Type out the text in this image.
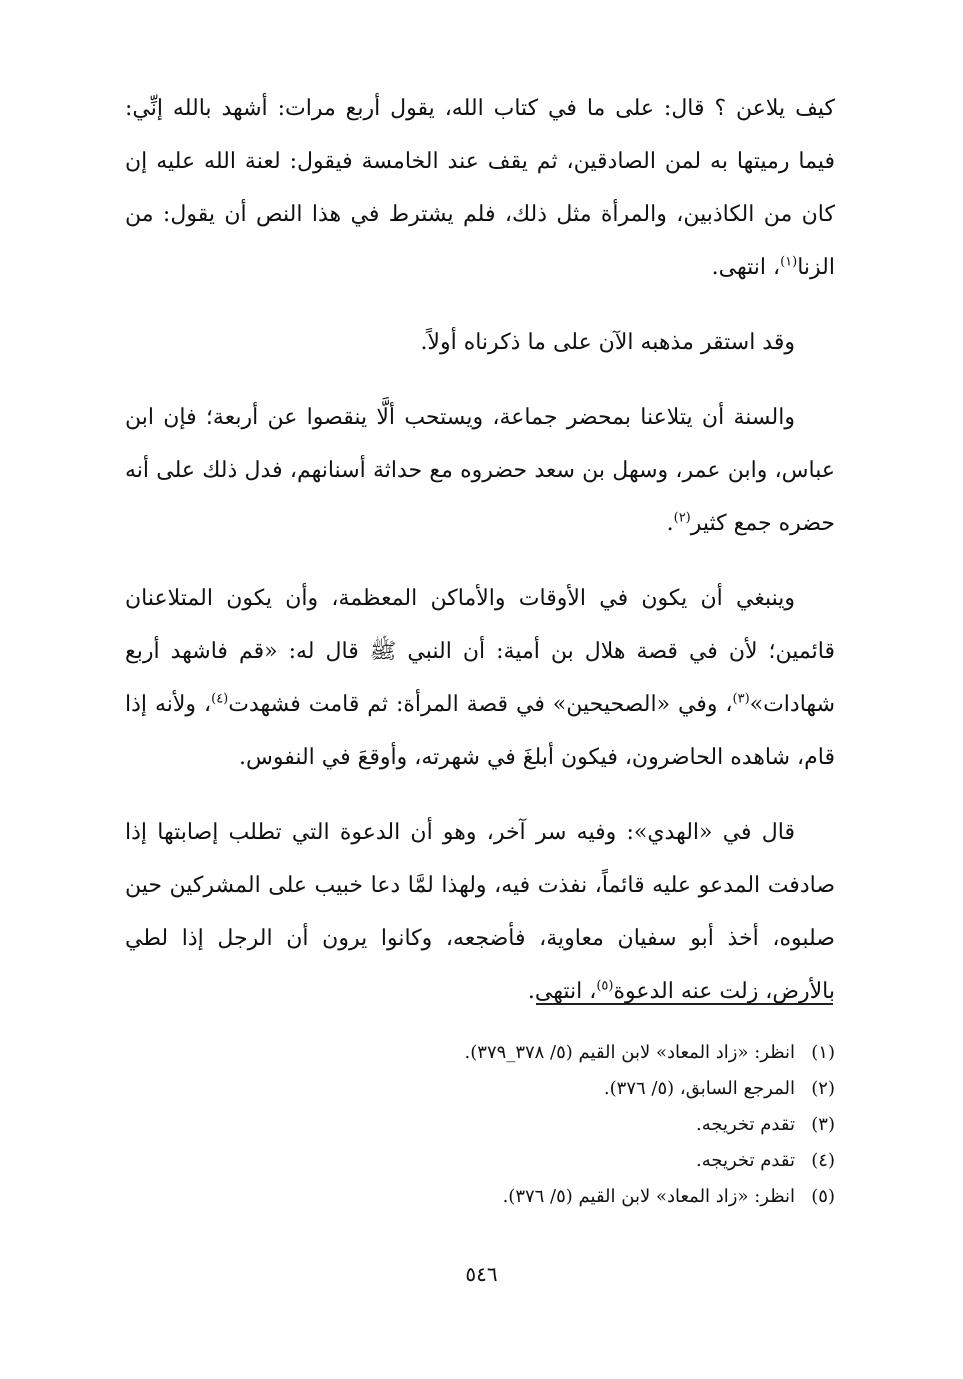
كيف يلاعن ؟ قال: على ما في كتاب الله، يقول أربع مرات: أشهد بالله إنِّي: فيما رميتها به لمن الصادقين، ثم يقف عند الخامسة فيقول: لعنة الله عليه إن كان من الكاذبين، والمرأة مثل ذلك، فلم يشترط في هذا النص أن يقول: من الزنا$^{(١)}$، انتهى.

وقد استقر مذهبه الآن على ما ذكرناه أولاً.

والسنة أن يتلاعنا بمحضر جماعة، ويستحب ألَّا ينقصوا عن أربعة؛ فإن ابن عباس، وابن عمر، وسهل بن سعد حضروه مع حداثة أسنانهم، فدل ذلك على أنه حضره جمع كثير$^{(٢)}$.

وينبغي أن يكون في الأوقات والأماكن المعظمة، وأن يكون المتلاعنان قائمين؛ لأن في قصة هلال بن أمية: أن النبي ﷺ قال له: «قم فاشهد أربع شهادات»$^{(٣)}$، وفي «الصحيحين» في قصة المرأة: ثم قامت فشهدت$^{(٤)}$، ولأنه إذا قام، شاهده الحاضرون، فيكون أبلغَ في شهرته، وأوقعَ في النفوس.

قال في «الهدي»: وفيه سر آخر، وهو أن الدعوة التي تطلب إصابتها إذا صادفت المدعو عليه قائماً، نفذت فيه، ولهذا لمَّا دعا خبيب على المشركين حين صلبوه، أخذ أبو سفيان معاوية، فأضجعه، وكانوا يرون أن الرجل إذا لطي بالأرض، زلت عنه الدعوة$^{(٥)}$، انتهى.

(١)
انظر: «زاد المعاد» لابن القيم (٥/ ٣٧٨_٣٧٩).
(٢)
المرجع السابق، (٥/ ٣٧٦).
(٣)
تقدم تخريجه.
(٤)
تقدم تخريجه.
(٥)
انظر: «زاد المعاد» لابن القيم (٥/ ٣٧٦).
٥٤٦
